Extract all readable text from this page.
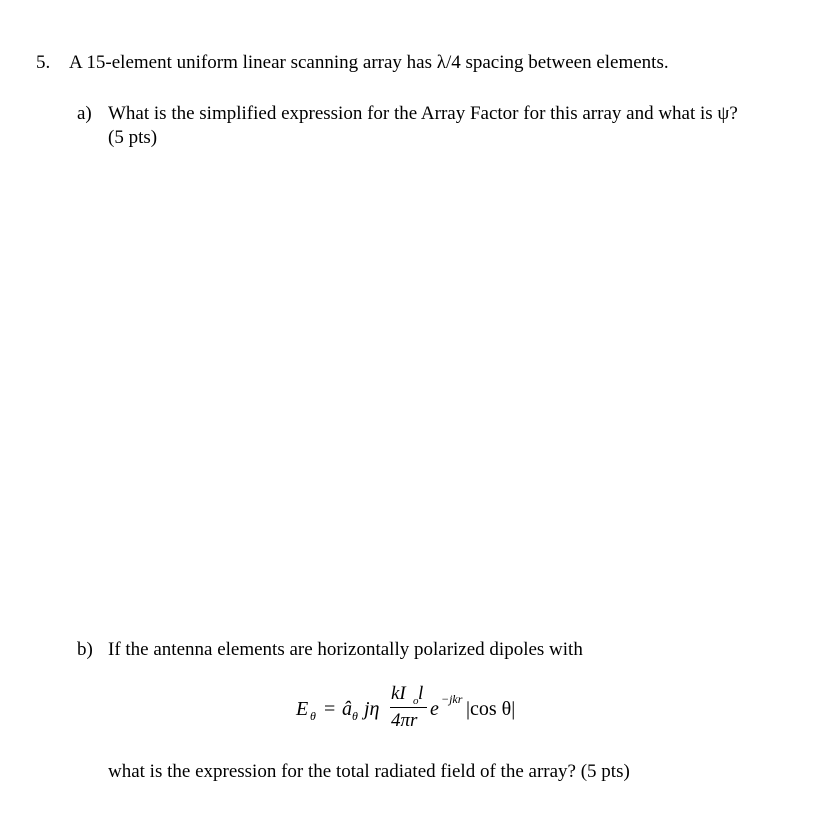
5. A 15-element uniform linear scanning array has λ/4 spacing between elements.
a) What is the simplified expression for the Array Factor for this array and what is ψ?
(5 pts)
b) If the antenna elements are horizontally polarized dipoles with
E θ = â θ jη
kI o l
4πr
e −jkr |cos θ|
what is the expression for the total radiated field of the array? (5 pts)
